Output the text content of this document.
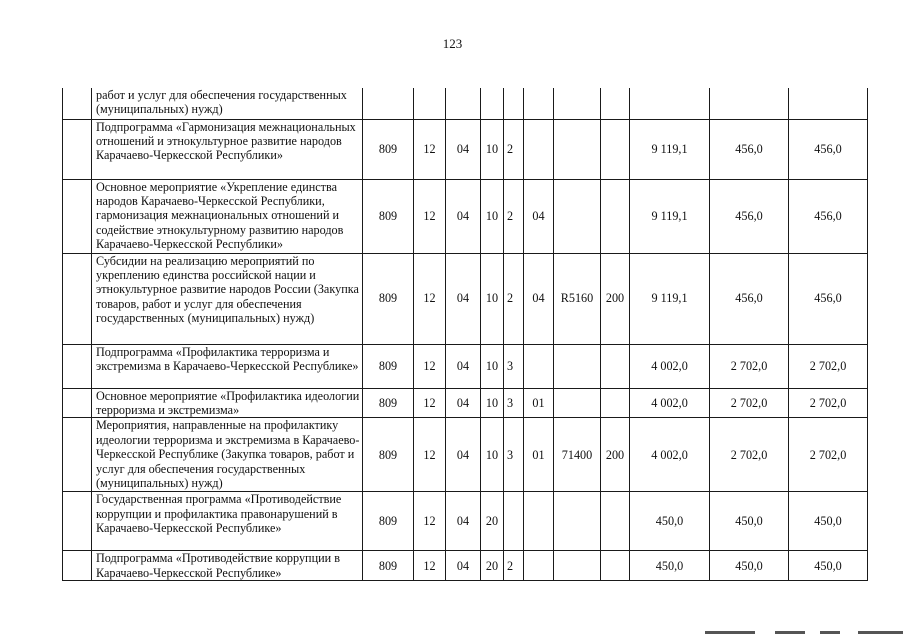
123
	работ и услуг для обеспечения государственных (муниципальных) нужд)											
	Подпрограмма «Гармонизация межнациональных отношений и этнокультурное развитие народов Карачаево-Черкесской Республики»	809	12	04	10	2				9 119,1	456,0	456,0
	Основное мероприятие «Укрепление единства народов Карачаево-Черкесской Республики, гармонизация межнациональных отношений и содействие этнокультурному развитию народов Карачаево-Черкесской Республики»	809	12	04	10	2	04			9 119,1	456,0	456,0
	Субсидии на реализацию мероприятий по укреплению единства российской нации и этнокультурное развитие народов России (Закупка товаров, работ и услуг для обеспечения государственных (муниципальных) нужд)	809	12	04	10	2	04	R5160	200	9 119,1	456,0	456,0
	Подпрограмма «Профилактика терроризма и экстремизма в Карачаево-Черкесской Республике»	809	12	04	10	3				4 002,0	2 702,0	2 702,0
	Основное мероприятие «Профилактика идеологии терроризма и экстремизма»	809	12	04	10	3	01			4 002,0	2 702,0	2 702,0
	Мероприятия, направленные на профилактику идеологии терроризма и экстремизма в Карачаево-Черкесской Республике (Закупка товаров, работ и услуг для обеспечения государственных (муниципальных) нужд)	809	12	04	10	3	01	71400	200	4 002,0	2 702,0	2 702,0
	Государственная программа «Противодействие коррупции и профилактика правонарушений в Карачаево-Черкесской Республике»	809	12	04	20					450,0	450,0	450,0
	Подпрограмма «Противодействие коррупции в Карачаево-Черкесской Республике»	809	12	04	20	2				450,0	450,0	450,0
